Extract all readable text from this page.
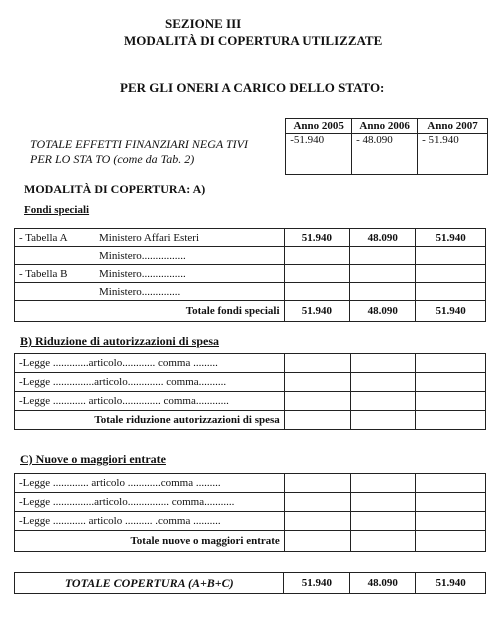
SEZIONE III
MODALITÀ DI COPERTURA UTILIZZATE
PER GLI ONERI A CARICO DELLO STATO:
TOTALE EFFETTI FINANZIARI NEGA TIVI
PER LO STA TO (come da Tab. 2)	Anno 2005	Anno 2006	Anno 2007
	-51.940	- 48.090	- 51.940
MODALITÀ DI COPERTURA: A)
Fondi speciali
- Tabella A Ministero Affari Esteri	51.940	48.090	51.940
Ministero................			
- Tabella B Ministero................			
Ministero..............			
Totale fondi speciali	51.940	48.090	51.940
B) Riduzione di autorizzazioni di spesa
-Legge .............articolo............ comma .........			
-Legge ...............articolo............. comma..........			
-Legge ............ articolo.............. comma............			
Totale riduzione autorizzazioni di spesa			
C) Nuove o maggiori entrate
-Legge ............. articolo ............comma .........			
-Legge ...............articolo............... comma...........			
-Legge ............ articolo .......... .comma ..........			
Totale nuove o maggiori entrate			
TOTALE COPERTURA (A+B+C)	51.940	48.090	51.940
